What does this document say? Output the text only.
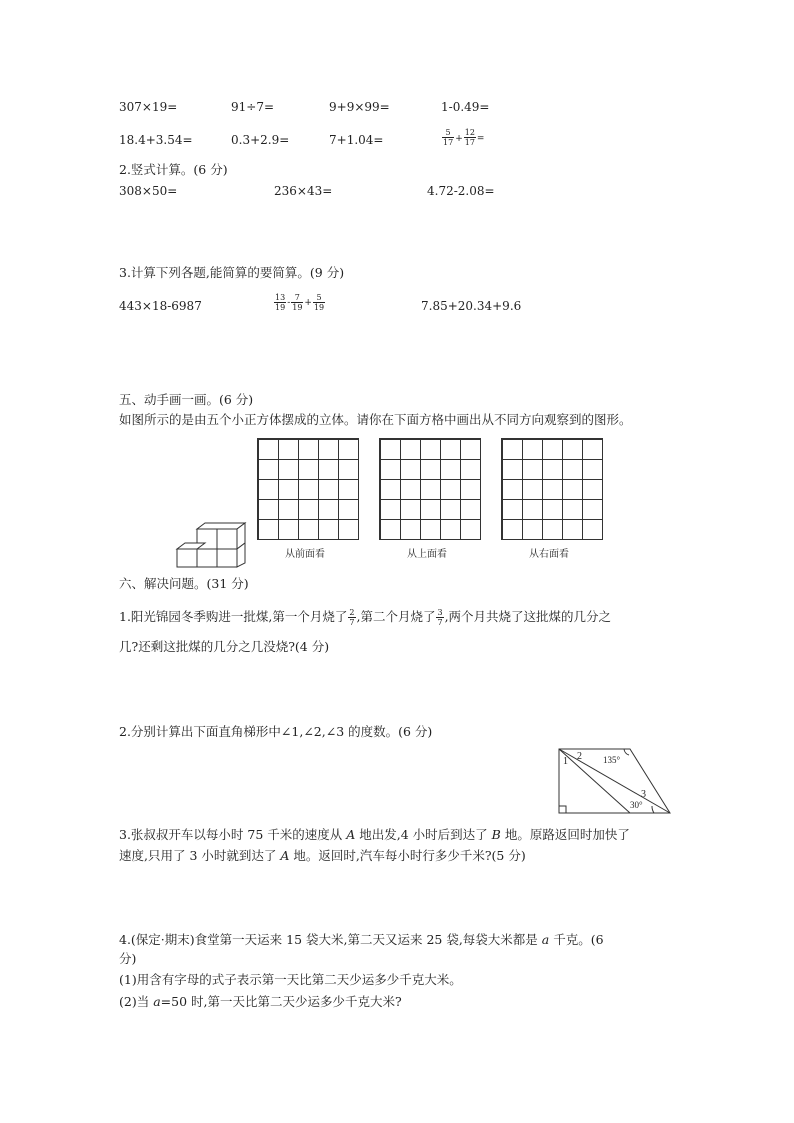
307×19=	91÷7=	9+9×99=	1-0.49=
18.4+3.54=	0.3+2.9=	7+1.04=	$\frac{5}{17} + \frac{12}{17}$ =
2.竖式计算。(6 分)
308×50=	236×43=	4.72-2.08=
3.计算下列各题,能简算的要简算。(9 分)
443×18-6987	$\frac{13}{19} - \frac{7}{19} + \frac{5}{19}$	7.85+20.34+9.6
五、动手画一画。(6 分)
如图所示的是由五个小正方体摆成的立体。请你在下面方格中画出从不同方向观察到的图形。
从前面看	从上面看	从右面看
六、解决问题。(31 分)
1.阳光锦园冬季购进一批煤,第一个月烧了 $\frac{2}{7}$ ,第二个月烧了 $\frac{3}{7}$ ,两个月共烧了这批煤的几分之
几?还剩这批煤的几分之几没烧?(4 分)
2.分别计算出下面直角梯形中∠1,∠2,∠3 的度数。(6 分)
1 2 135°
3
30°
3.张叔叔开车以每小时 75 千米的速度从 A 地出发,4 小时后到达了 B 地。原路返回时加快了
速度,只用了 3 小时就到达了 A 地。返回时,汽车每小时行多少千米?(5 分)
4.(保定·期末)食堂第一天运来 15 袋大米,第二天又运来 25 袋,每袋大米都是 a 千克。(6
分)
(1)用含有字母的式子表示第一天比第二天少运多少千克大米。
(2)当 a=50 时,第一天比第二天少运多少千克大米?
